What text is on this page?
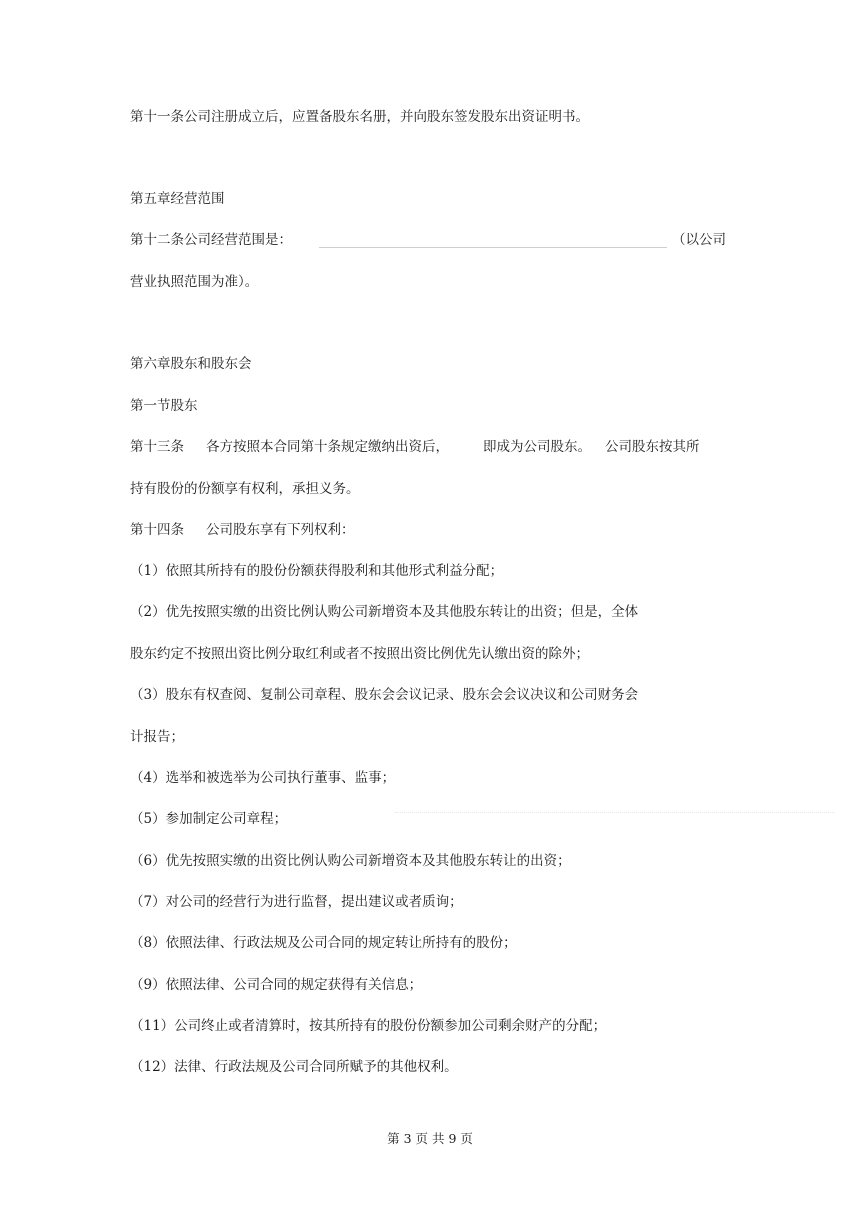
第十一条公司注册成立后，应置备股东名册，并向股东签发股东出资证明书。
第五章经营范围
第十二条公司经营范围是：	（以公司
营业执照范围为准）。
第六章股东和股东会
第一节股东
第十三条 各方按照本合同第十条规定缴纳出资后，	即成为公司股东。 公司股东按其所
持有股份的份额享有权利，承担义务。
第十四条 公司股东享有下列权利：
（1）依照其所持有的股份份额获得股利和其他形式利益分配；
（2）优先按照实缴的出资比例认购公司新增资本及其他股东转让的出资；但是，全体
股东约定不按照出资比例分取红利或者不按照出资比例优先认缴出资的除外；
（3）股东有权查阅、复制公司章程、股东会会议记录、股东会会议决议和公司财务会
计报告；
（4）选举和被选举为公司执行董事、监事；
（5）参加制定公司章程；
（6）优先按照实缴的出资比例认购公司新增资本及其他股东转让的出资；
（7）对公司的经营行为进行监督，提出建议或者质询；
（8）依照法律、行政法规及公司合同的规定转让所持有的股份；
（9）依照法律、公司合同的规定获得有关信息；
（11）公司终止或者清算时，按其所持有的股份份额参加公司剩余财产的分配；
（12）法律、行政法规及公司合同所赋予的其他权利。
第 3 页 共 9 页
